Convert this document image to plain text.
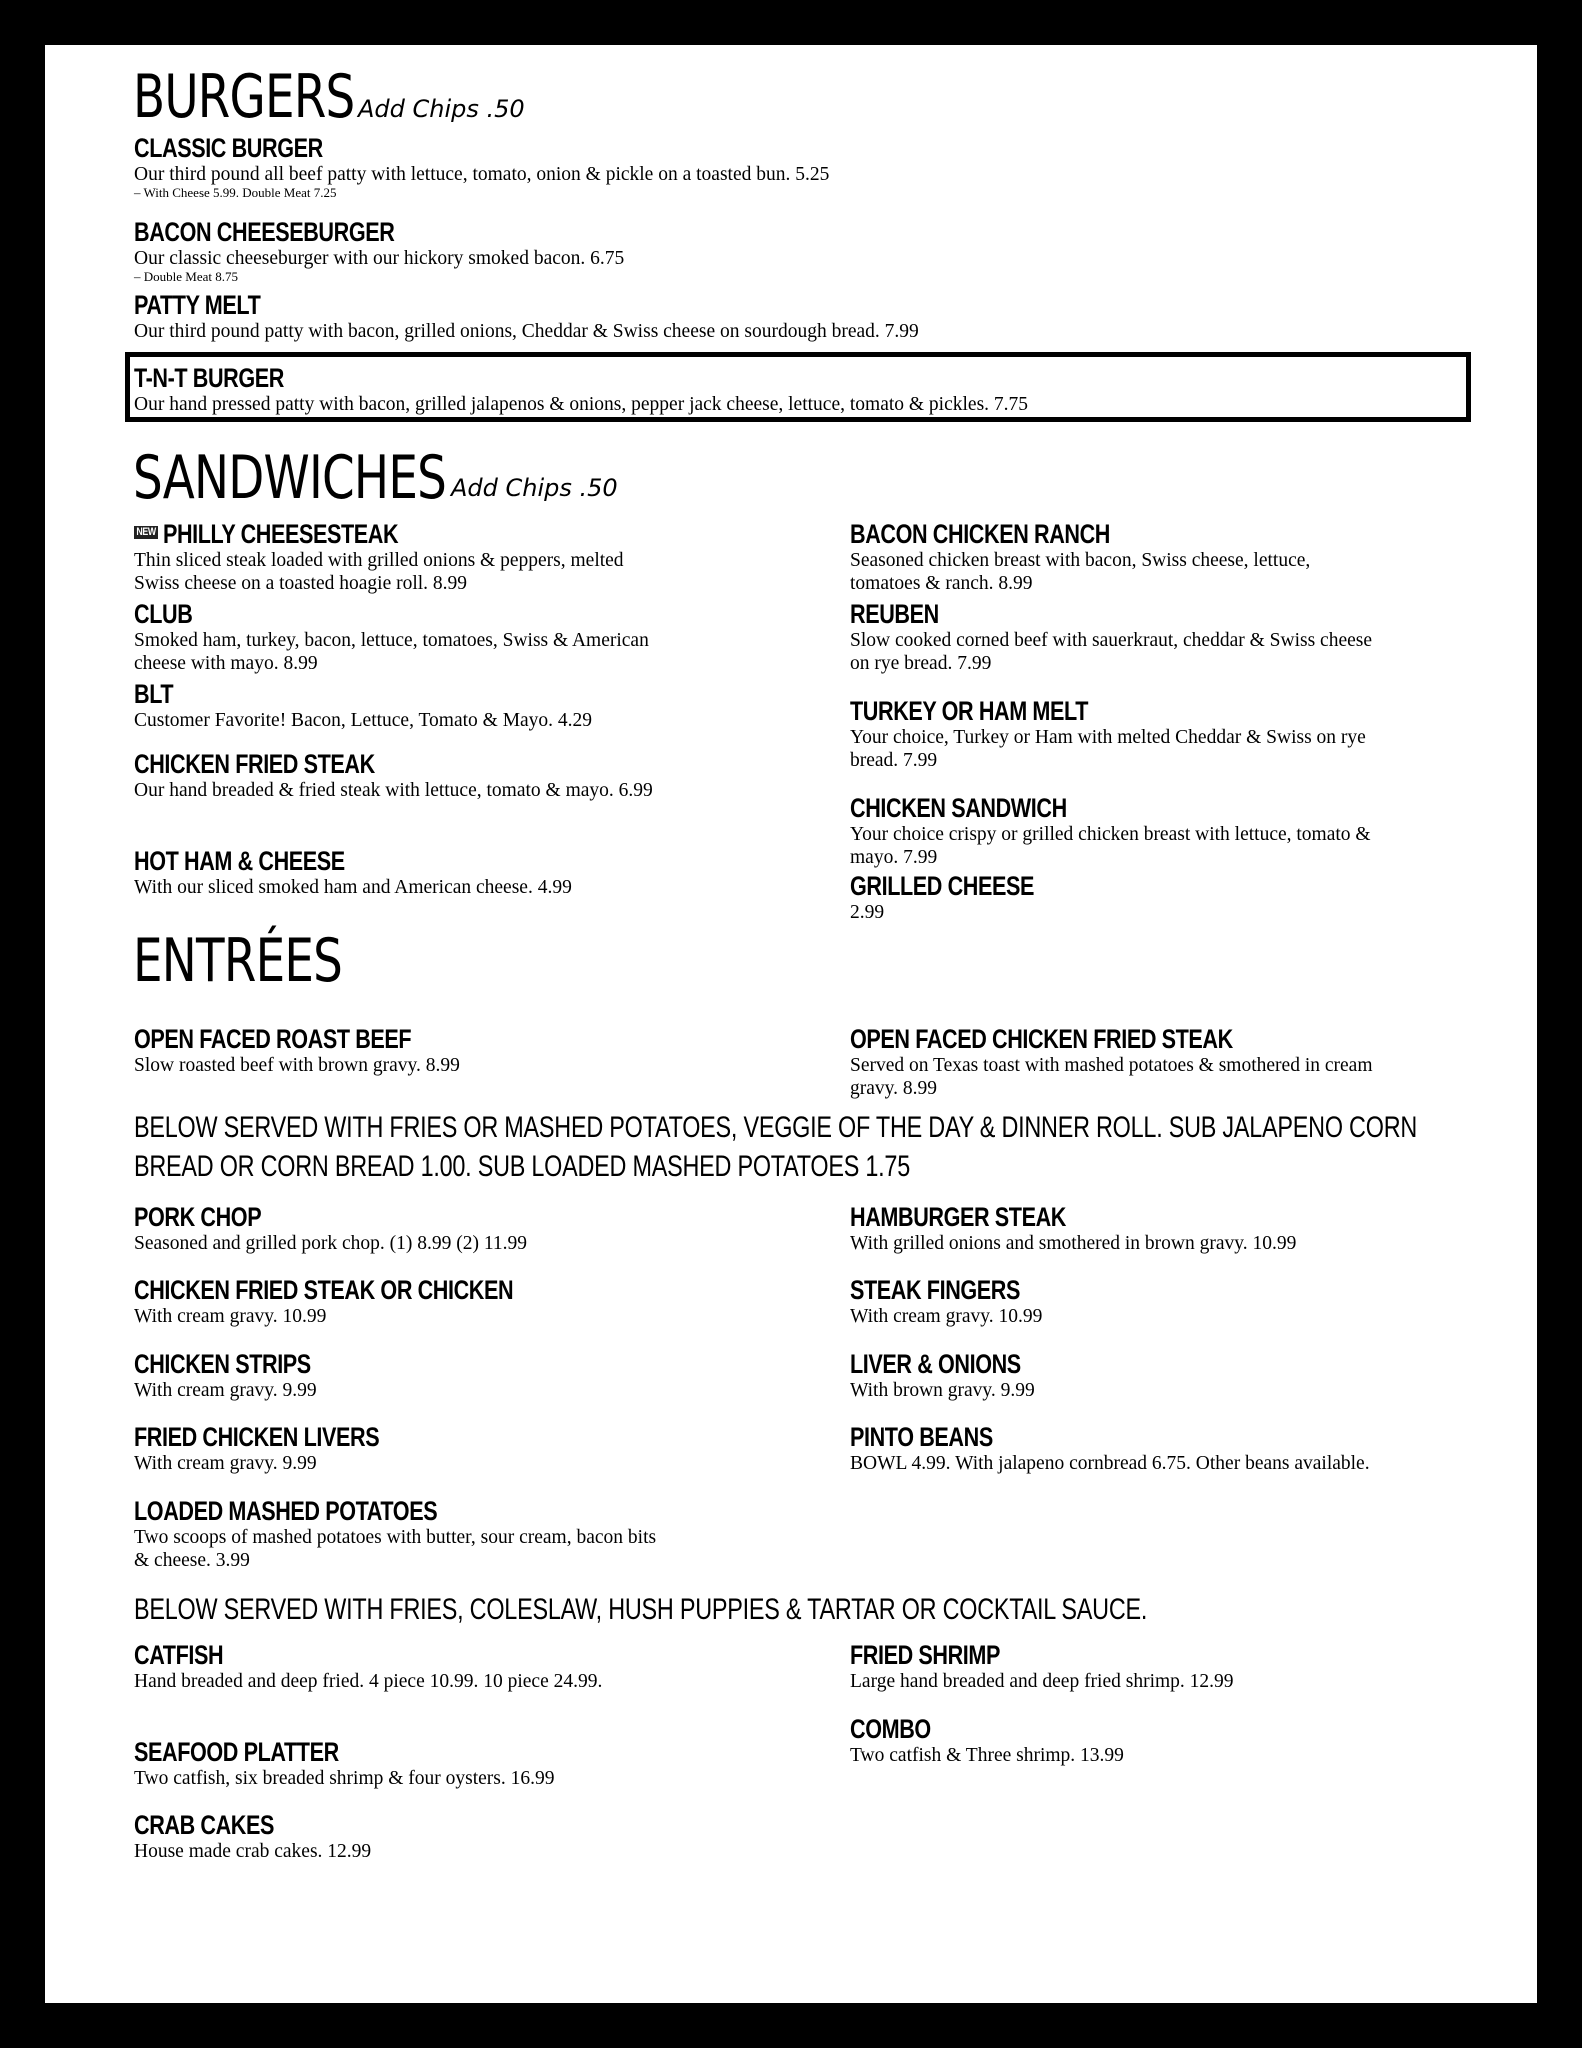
BURGERS Add Chips .50
CLASSIC BURGER
Our third pound all beef patty with lettuce, tomato, onion & pickle on a toasted bun. 5.25
– With Cheese 5.99. Double Meat 7.25
BACON CHEESEBURGER
Our classic cheeseburger with our hickory smoked bacon. 6.75
– Double Meat 8.75
PATTY MELT
Our third pound patty with bacon, grilled onions, Cheddar & Swiss cheese on sourdough bread. 7.99
T-N-T BURGER
Our hand pressed patty with bacon, grilled jalapenos & onions, pepper jack cheese, lettuce, tomato & pickles. 7.75
SANDWICHES Add Chips .50
NEW PHILLY CHEESESTEAK
Thin sliced steak loaded with grilled onions & peppers, melted Swiss cheese on a toasted hoagie roll. 8.99
CLUB
Smoked ham, turkey, bacon, lettuce, tomatoes, Swiss & American cheese with mayo. 8.99
BLT
Customer Favorite! Bacon, Lettuce, Tomato & Mayo. 4.29
CHICKEN FRIED STEAK
Our hand breaded & fried steak with lettuce, tomato & mayo. 6.99
HOT HAM & CHEESE
With our sliced smoked ham and American cheese. 4.99
BACON CHICKEN RANCH
Seasoned chicken breast with bacon, Swiss cheese, lettuce, tomatoes & ranch. 8.99
REUBEN
Slow cooked corned beef with sauerkraut, cheddar & Swiss cheese on rye bread. 7.99
TURKEY OR HAM MELT
Your choice, Turkey or Ham with melted Cheddar & Swiss on rye bread. 7.99
CHICKEN SANDWICH
Your choice crispy or grilled chicken breast with lettuce, tomato & mayo. 7.99
GRILLED CHEESE
2.99
ENTRÉES
OPEN FACED ROAST BEEF
Slow roasted beef with brown gravy. 8.99
OPEN FACED CHICKEN FRIED STEAK
Served on Texas toast with mashed potatoes & smothered in cream gravy. 8.99
BELOW SERVED WITH FRIES OR MASHED POTATOES, VEGGIE OF THE DAY & DINNER ROLL. SUB JALAPENO CORN BREAD OR CORN BREAD 1.00. SUB LOADED MASHED POTATOES 1.75
PORK CHOP
Seasoned and grilled pork chop. (1) 8.99 (2) 11.99
CHICKEN FRIED STEAK OR CHICKEN
With cream gravy. 10.99
CHICKEN STRIPS
With cream gravy. 9.99
FRIED CHICKEN LIVERS
With cream gravy. 9.99
LOADED MASHED POTATOES
Two scoops of mashed potatoes with butter, sour cream, bacon bits & cheese. 3.99
HAMBURGER STEAK
With grilled onions and smothered in brown gravy. 10.99
STEAK FINGERS
With cream gravy. 10.99
LIVER & ONIONS
With brown gravy. 9.99
PINTO BEANS
BOWL 4.99. With jalapeno cornbread 6.75. Other beans available.
BELOW SERVED WITH FRIES, COLESLAW, HUSH PUPPIES & TARTAR OR COCKTAIL SAUCE.
CATFISH
Hand breaded and deep fried. 4 piece 10.99. 10 piece 24.99.
SEAFOOD PLATTER
Two catfish, six breaded shrimp & four oysters. 16.99
CRAB CAKES
House made crab cakes. 12.99
FRIED SHRIMP
Large hand breaded and deep fried shrimp. 12.99
COMBO
Two catfish & Three shrimp. 13.99
